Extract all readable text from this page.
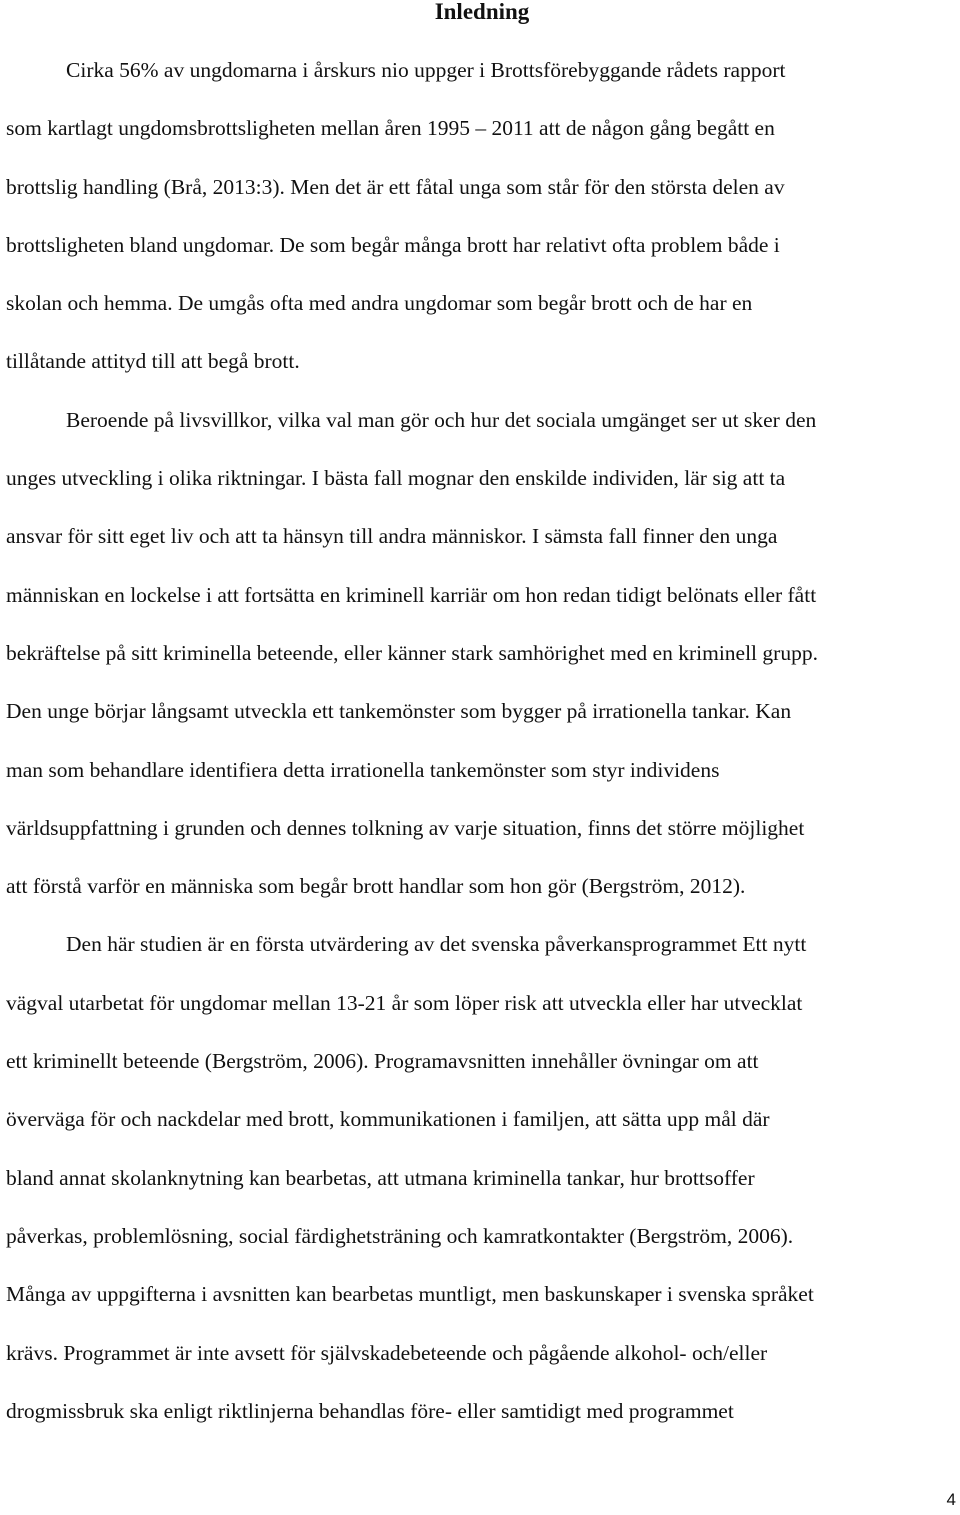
Inledning

Cirka 56% av ungdomarna i årskurs nio uppger i Brottsförebyggande rådets rapport
som kartlagt ungdomsbrottsligheten mellan åren 1995 – 2011 att de någon gång begått en
brottslig handling (Brå, 2013:3). Men det är ett fåtal unga som står för den största delen av
brottsligheten bland ungdomar. De som begår många brott har relativt ofta problem både i
skolan och hemma. De umgås ofta med andra ungdomar som begår brott och de har en
tillåtande attityd till att begå brott.

Beroende på livsvillkor, vilka val man gör och hur det sociala umgänget ser ut sker den
unges utveckling i olika riktningar. I bästa fall mognar den enskilde individen, lär sig att ta
ansvar för sitt eget liv och att ta hänsyn till andra människor. I sämsta fall finner den unga
människan en lockelse i att fortsätta en kriminell karriär om hon redan tidigt belönats eller fått
bekräftelse på sitt kriminella beteende, eller känner stark samhörighet med en kriminell grupp.
Den unge börjar långsamt utveckla ett tankemönster som bygger på irrationella tankar. Kan
man som behandlare identifiera detta irrationella tankemönster som styr individens
världsuppfattning i grunden och dennes tolkning av varje situation, finns det större möjlighet
att förstå varför en människa som begår brott handlar som hon gör (Bergström, 2012).

Den här studien är en första utvärdering av det svenska påverkansprogrammet Ett nytt
vägval utarbetat för ungdomar mellan 13-21 år som löper risk att utveckla eller har utvecklat
ett kriminellt beteende (Bergström, 2006). Programavsnitten innehåller övningar om att
överväga för och nackdelar med brott, kommunikationen i familjen, att sätta upp mål där
bland annat skolanknytning kan bearbetas, att utmana kriminella tankar, hur brottsoffer
påverkas, problemlösning, social färdighetsträning och kamratkontakter (Bergström, 2006).
Många av uppgifterna i avsnitten kan bearbetas muntligt, men baskunskaper i svenska språket
krävs. Programmet är inte avsett för självskadebeteende och pågående alkohol- och/eller
drogmissbruk ska enligt riktlinjerna behandlas före- eller samtidigt med programmet

4
